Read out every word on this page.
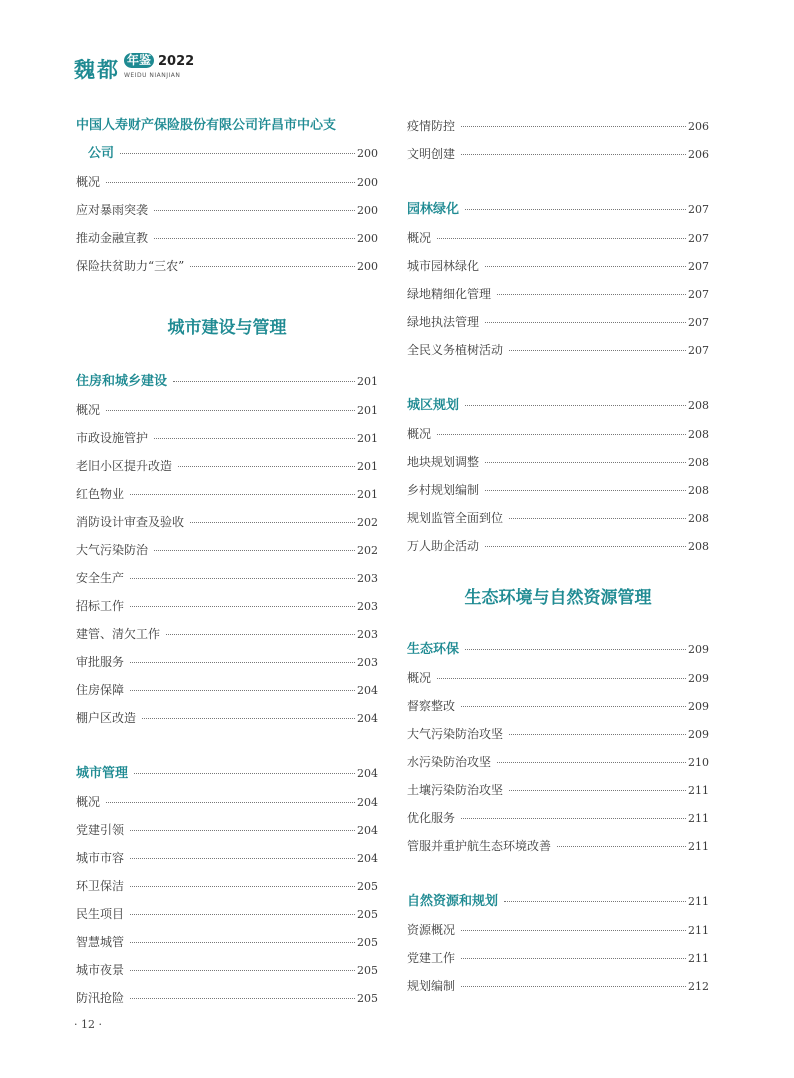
魏都 年鉴 2022
WEIDU NIANJIAN
中国人寿财产保险股份有限公司许昌市中心支
公司	200
概况	200
应对暴雨突袭	200
推动金融宣教	200
保险扶贫助力“三农”	200
城市建设与管理
住房和城乡建设	201
概况	201
市政设施管护	201
老旧小区提升改造	201
红色物业	201
消防设计审查及验收	202
大气污染防治	202
安全生产	203
招标工作	203
建管、清欠工作	203
审批服务	203
住房保障	204
棚户区改造	204
城市管理	204
概况	204
党建引领	204
城市市容	204
环卫保洁	205
民生项目	205
智慧城管	205
城市夜景	205
防汛抢险	205
疫情防控	206
文明创建	206
园林绿化	207
概况	207
城市园林绿化	207
绿地精细化管理	207
绿地执法管理	207
全民义务植树活动	207
城区规划	208
概况	208
地块规划调整	208
乡村规划编制	208
规划监管全面到位	208
万人助企活动	208
生态环境与自然资源管理
生态环保	209
概况	209
督察整改	209
大气污染防治攻坚	209
水污染防治攻坚	210
土壤污染防治攻坚	211
优化服务	211
管服并重护航生态环境改善	211
自然资源和规划	211
资源概况	211
党建工作	211
规划编制	212
· 12 ·
